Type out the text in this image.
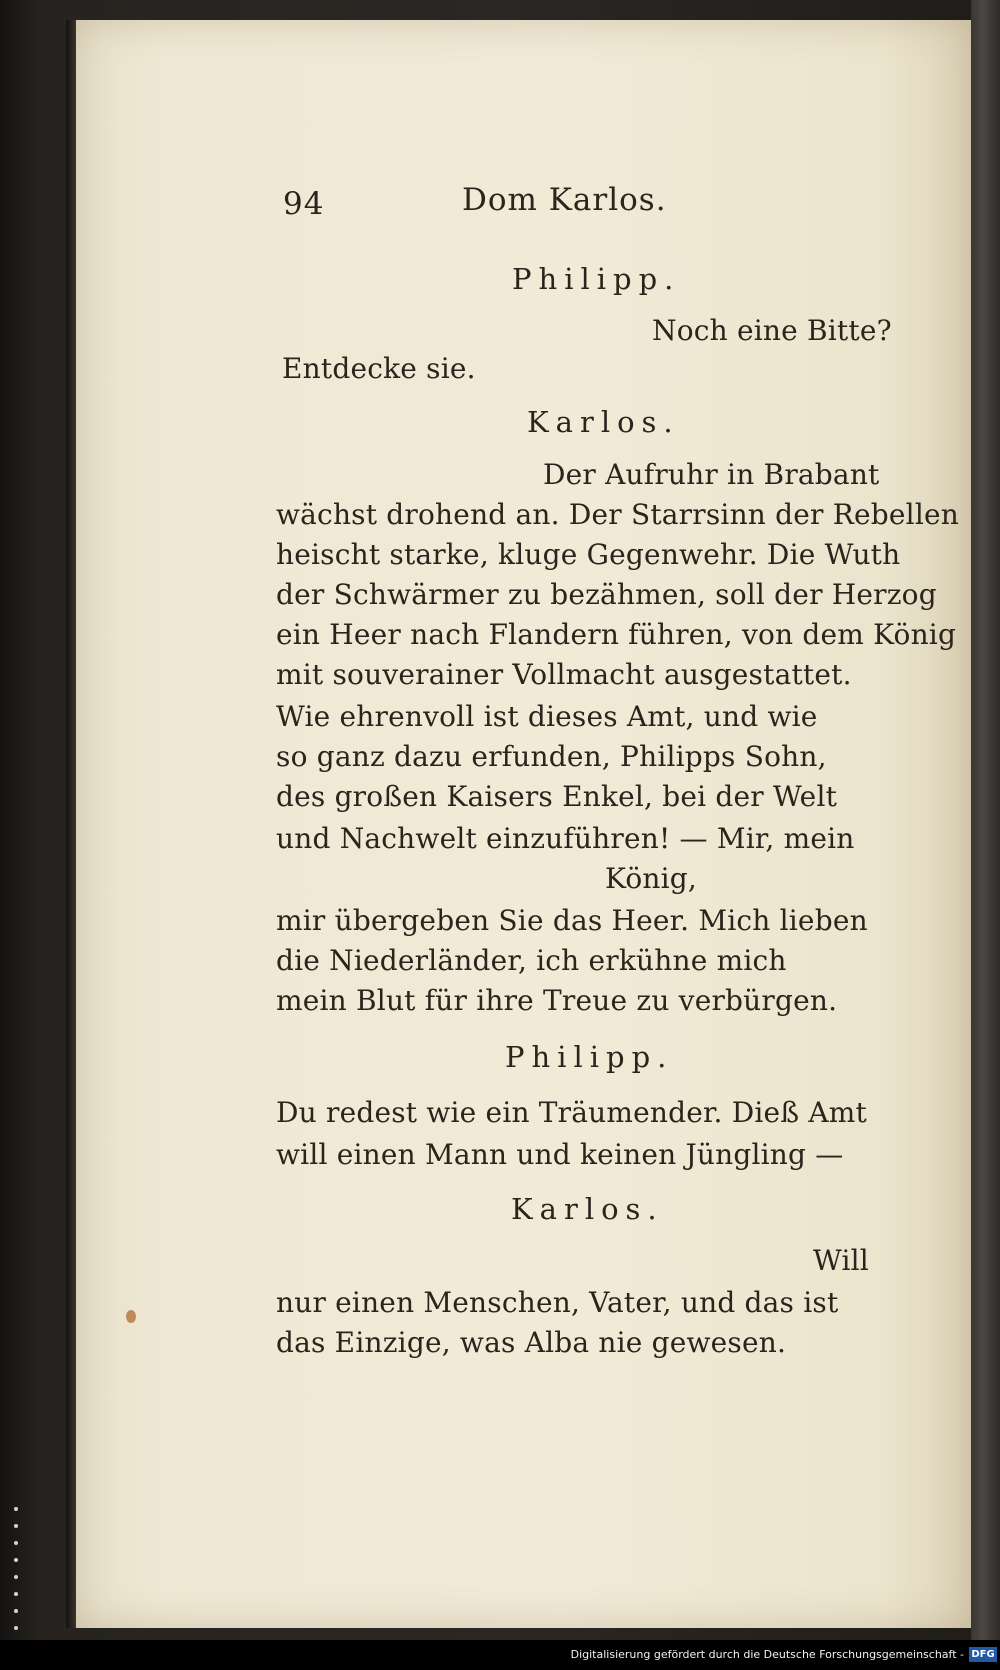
94	Dom Karlos.
Philipp.
Noch eine Bitte?
Entdecke sie.
Karlos.
Der Aufruhr in Brabant
wächst drohend an. Der Starrsinn der Rebellen
heischt starke, kluge Gegenwehr. Die Wuth
der Schwärmer zu bezähmen, soll der Herzog
ein Heer nach Flandern führen, von dem König
mit souverainer Vollmacht ausgestattet.
Wie ehrenvoll ist dieses Amt, und wie
so ganz dazu erfunden, Philipps Sohn,
des großen Kaisers Enkel, bei der Welt
und Nachwelt einzuführen! — Mir, mein
König,
mir übergeben Sie das Heer. Mich lieben
die Niederländer, ich erkühne mich
mein Blut für ihre Treue zu verbürgen.
Philipp.
Du redest wie ein Träumender. Dieß Amt
will einen Mann und keinen Jüngling —
Karlos.
Will
nur einen Menschen, Vater, und das ist
das Einzige, was Alba nie gewesen.
Digitalisierung gefördert durch die Deutsche Forschungsgemeinschaft - DFG
